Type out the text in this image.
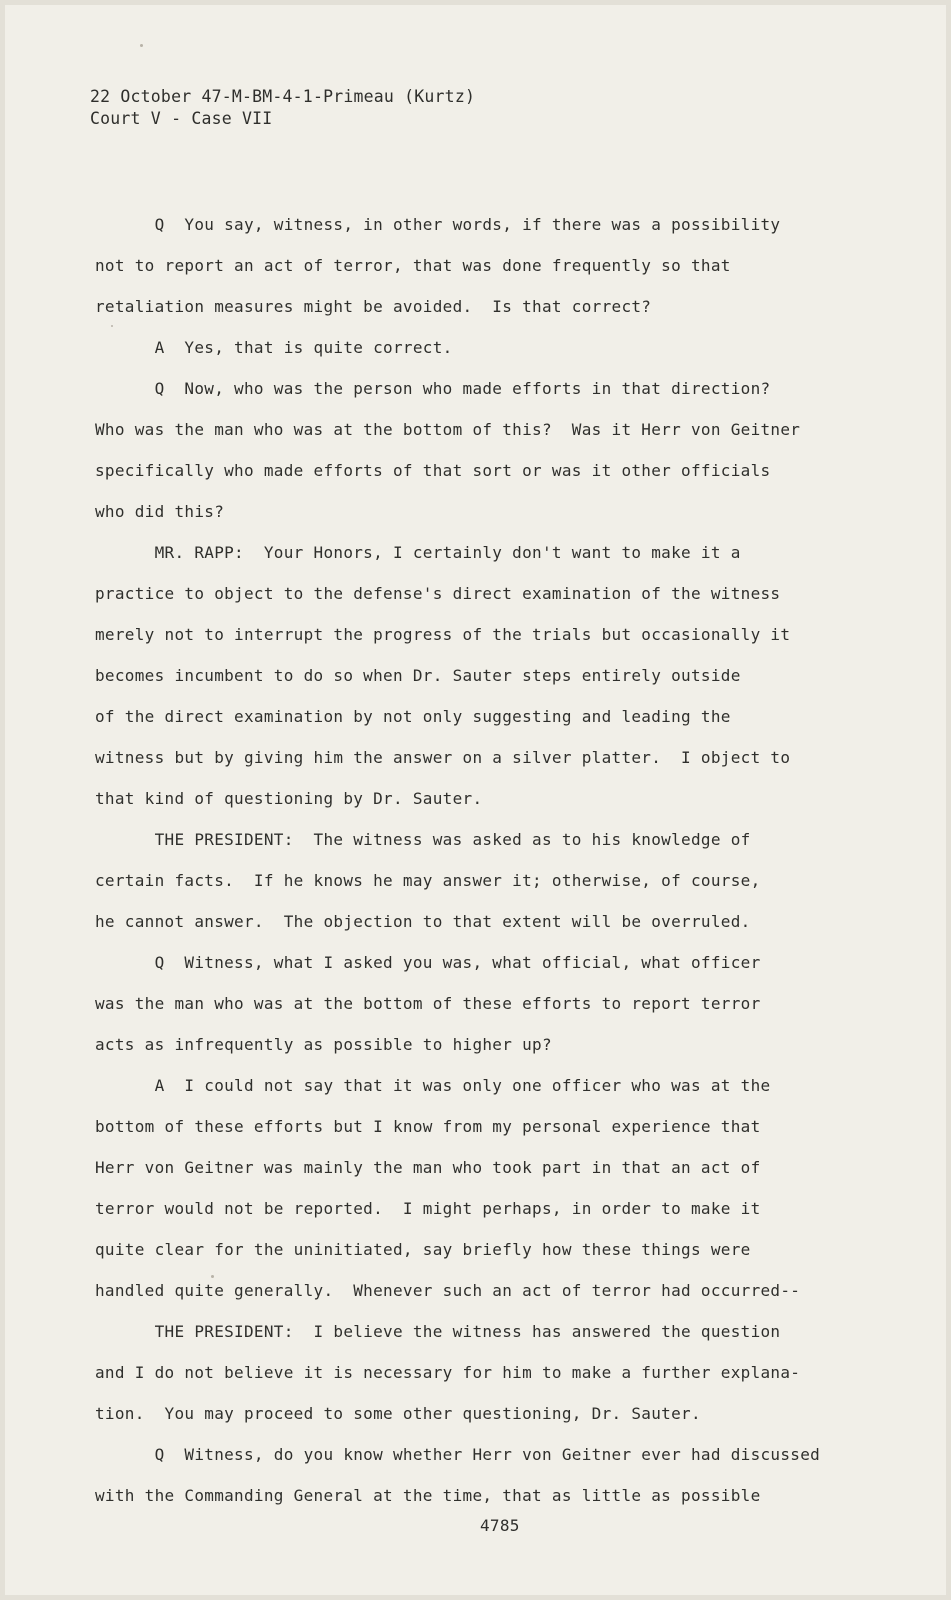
22 October 47-M-BM-4-1-Primeau (Kurtz)
Court V - Case VII
Q  You say, witness, in other words, if there was a possibility
not to report an act of terror, that was done frequently so that
retaliation measures might be avoided.  Is that correct?
A  Yes, that is quite correct.
Q  Now, who was the person who made efforts in that direction?
Who was the man who was at the bottom of this?  Was it Herr von Geitner
specifically who made efforts of that sort or was it other officials
who did this?
MR. RAPP:  Your Honors, I certainly don't want to make it a
practice to object to the defense's direct examination of the witness
merely not to interrupt the progress of the trials but occasionally it
becomes incumbent to do so when Dr. Sauter steps entirely outside
of the direct examination by not only suggesting and leading the
witness but by giving him the answer on a silver platter.  I object to
that kind of questioning by Dr. Sauter.
THE PRESIDENT:  The witness was asked as to his knowledge of
certain facts.  If he knows he may answer it; otherwise, of course,
he cannot answer.  The objection to that extent will be overruled.
Q  Witness, what I asked you was, what official, what officer
was the man who was at the bottom of these efforts to report terror
acts as infrequently as possible to higher up?
A  I could not say that it was only one officer who was at the
bottom of these efforts but I know from my personal experience that
Herr von Geitner was mainly the man who took part in that an act of
terror would not be reported.  I might perhaps, in order to make it
quite clear for the uninitiated, say briefly how these things were
handled quite generally.  Whenever such an act of terror had occurred--
THE PRESIDENT:  I believe the witness has answered the question
and I do not believe it is necessary for him to make a further explana-
tion.  You may proceed to some other questioning, Dr. Sauter.
Q  Witness, do you know whether Herr von Geitner ever had discussed
with the Commanding General at the time, that as little as possible
4785
